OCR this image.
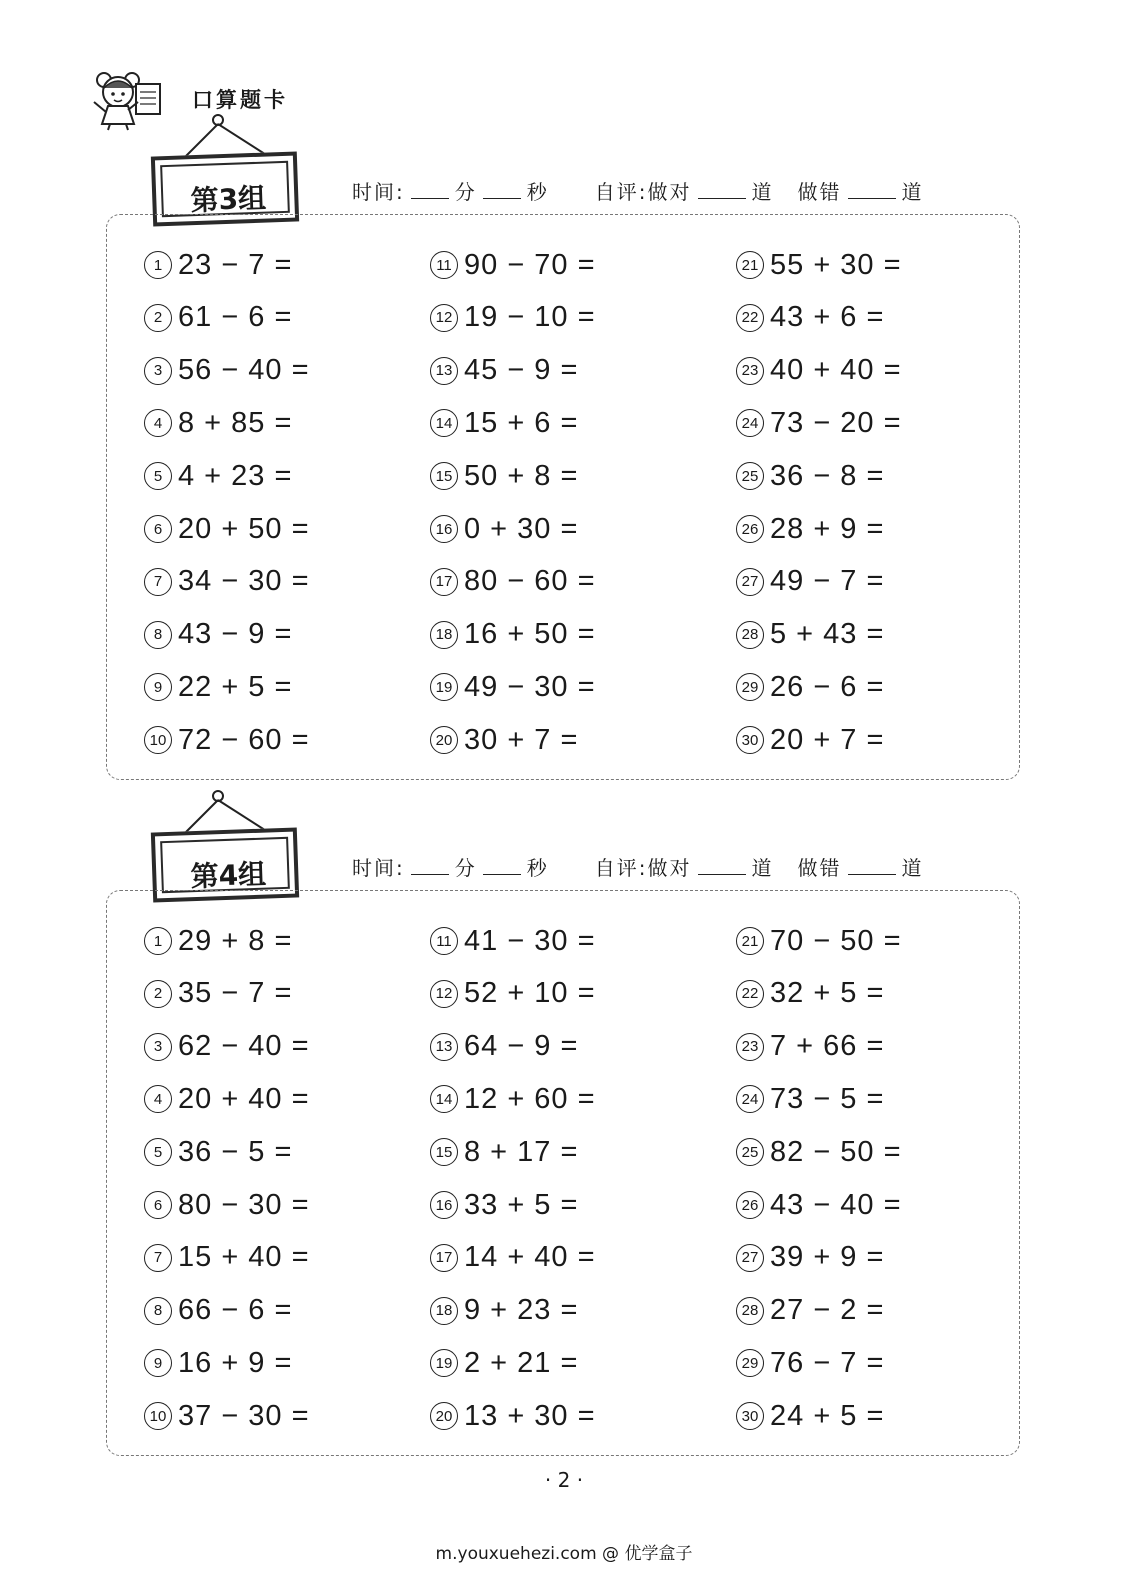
口算题卡
第3组	时间:	分	秒 自评:做对	道 做错	道
1 23 − 7 =
2 61 − 6 =
3 56 − 40 =
4 8 + 85 =
5 4 + 23 =
6 20 + 50 =
7 34 − 30 =
8 43 − 9 =
9 22 + 5 =
10 72 − 60 =
11 90 − 70 =
12 19 − 10 =
13 45 − 9 =
14 15 + 6 =
15 50 + 8 =
16 0 + 30 =
17 80 − 60 =
18 16 + 50 =
19 49 − 30 =
20 30 + 7 =
21 55 + 30 =
22 43 + 6 =
23 40 + 40 =
24 73 − 20 =
25 36 − 8 =
26 28 + 9 =
27 49 − 7 =
28 5 + 43 =
29 26 − 6 =
30 20 + 7 =
第4组	时间:	分	秒 自评:做对	道 做错	道
1 29 + 8 =
2 35 − 7 =
3 62 − 40 =
4 20 + 40 =
5 36 − 5 =
6 80 − 30 =
7 15 + 40 =
8 66 − 6 =
9 16 + 9 =
10 37 − 30 =
11 41 − 30 =
12 52 + 10 =
13 64 − 9 =
14 12 + 60 =
15 8 + 17 =
16 33 + 5 =
17 14 + 40 =
18 9 + 23 =
19 2 + 21 =
20 13 + 30 =
21 70 − 50 =
22 32 + 5 =
23 7 + 66 =
24 73 − 5 =
25 82 − 50 =
26 43 − 40 =
27 39 + 9 =
28 27 − 2 =
29 76 − 7 =
30 24 + 5 =
· 2 ·
m.youxuehezi.com @ 优学盒子
